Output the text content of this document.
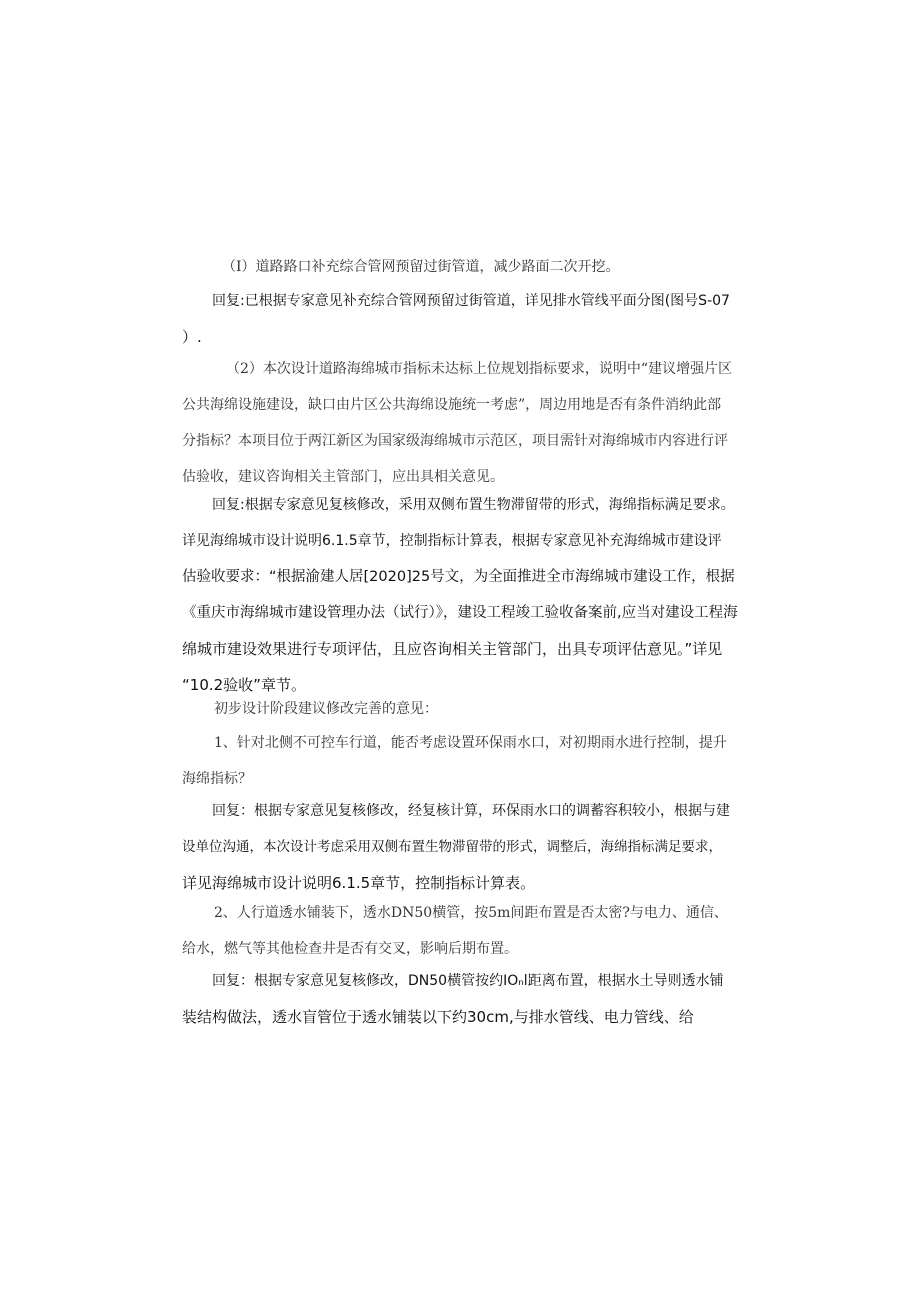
（I）道路路口补充综合管网预留过街管道，减少路面二次开挖。
回复:已根据专家意见补充综合管网预留过街管道，详见排水管线平面分图(图号S-07
）.
（2）本次设计道路海绵城市指标未达标上位规划指标要求，说明中“建议增强片区
公共海绵设施建设，缺口由片区公共海绵设施统一考虑”，周边用地是否有条件消纳此部
分指标？本项目位于两江新区为国家级海绵城市示范区，项目需针对海绵城市内容进行评
估验收，建议咨询相关主管部门，应出具相关意见。
回复:根据专家意见复核修改，采用双侧布置生物滞留带的形式，海绵指标满足要求。
详见海绵城市设计说明6.1.5章节，控制指标计算表，根据专家意见补充海绵城市建设评
估验收要求：“根据渝建人居[2020]25号文，为全面推进全市海绵城市建设工作，根据
《重庆市海绵城市建设管理办法（试行）》，建设工程竣工验收备案前,应当对建设工程海
绵城市建设效果进行专项评估，且应咨询相关主管部门，出具专项评估意见。”详见
“10.2验收”章节。
初步设计阶段建议修改完善的意见：
1、针对北侧不可控车行道，能否考虑设置环保雨水口，对初期雨水进行控制，提升
海绵指标？
回复：根据专家意见复核修改，经复核计算，环保雨水口的调蓄容积较小，根据与建
设单位沟通，本次设计考虑采用双侧布置生物滞留带的形式，调整后，海绵指标满足要求，
详见海绵城市设计说明6.1.5章节，控制指标计算表。
2、人行道透水铺装下，透水DN50横管，按5m间距布置是否太密?与电力、通信、
给水，燃气等其他检查井是否有交叉，影响后期布置。
回复：根据专家意见复核修改，DN50横管按约IOₙl距离布置，根据水土导则透水铺
装结构做法，透水盲管位于透水铺装以下约30cm,与排水管线、电力管线、给
